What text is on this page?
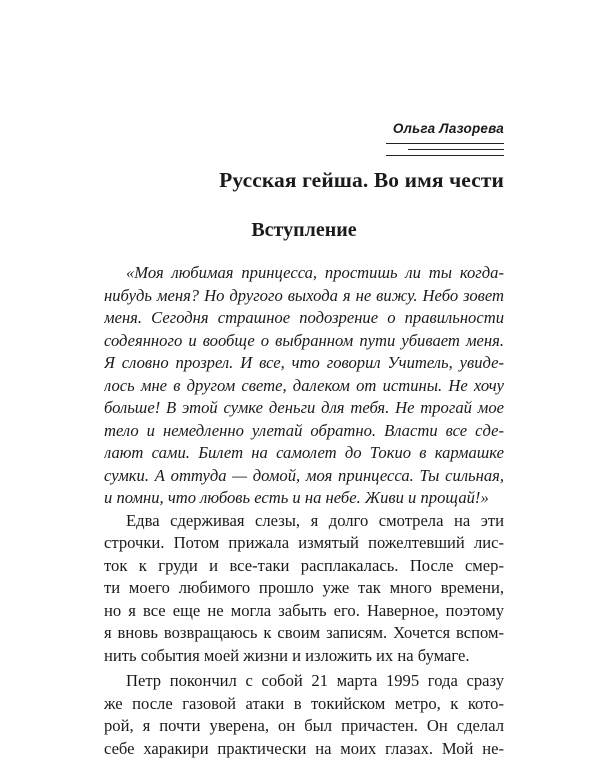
Ольга Лазорева
Русская гейша. Во имя чести
Вступление
«Моя любимая принцесса, простишь ли ты когда-
нибудь меня? Но другого выхода я не вижу. Небо зовет
меня. Сегодня страшное подозрение о правильности
содеянного и вообще о выбранном пути убивает меня.
Я словно прозрел. И все, что говорил Учитель, увиде-
лось мне в другом свете, далеком от истины. Не хочу
больше! В этой сумке деньги для тебя. Не трогай мое
тело и немедленно улетай обратно. Власти все сде-
лают сами. Билет на самолет до Токио в кармашке
сумки. А оттуда — домой, моя принцесса. Ты сильная,
и помни, что любовь есть и на небе. Живи и прощай!»
Едва сдерживая слезы, я долго смотрела на эти
строчки. Потом прижала измятый пожелтевший лис-
ток к груди и все-таки расплакалась. После смер-
ти моего любимого прошло уже так много времени,
но я все еще не могла забыть его. Наверное, поэтому
я вновь возвращаюсь к своим записям. Хочется вспом-
нить события моей жизни и изложить их на бумаге.
Петр покончил с собой 21 марта 1995 года сразу
же после газовой атаки в токийском метро, к кото-
рой, я почти уверена, он был причастен. Он сделал
себе харакири практически на моих глазах. Мой не-
